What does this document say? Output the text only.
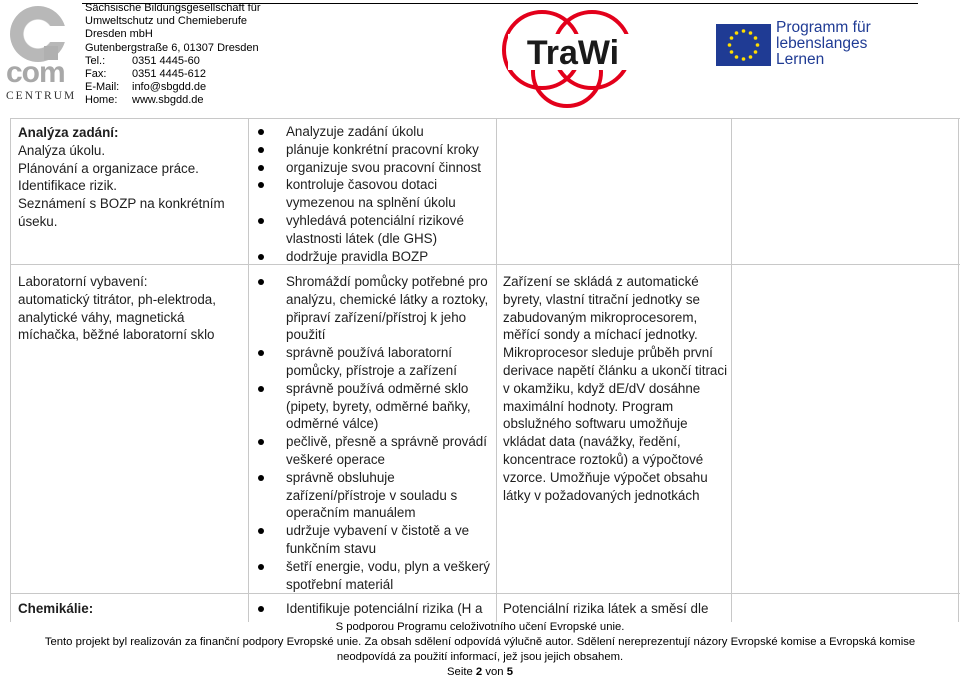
com
CENTRUM
Sächsische Bildungsgesellschaft für
Umweltschutz und Chemieberufe
Dresden mbH
Gutenbergstraße 6, 01307 Dresden
Tel.: 0351 4445-60
Fax: 0351 4445-612
E-Mail: info@sbgdd.de
Home: www.sbgdd.de
TraWi
Programm für
lebenslanges
Lernen
Analýza zadání:
Analýza úkolu.
Plánování a organizace práce.
Identifikace rizik.
Seznámení s BOZP na konkrétním
úseku.
Analyzuje zadání úkolu
plánuje konkrétní pracovní kroky
organizuje svou pracovní činnost
kontroluje časovou dotaci vymezenou na splnění úkolu
vyhledává potenciální rizikové vlastnosti látek (dle GHS)
dodržuje pravidla BOZP
Laboratorní vybavení:
automatický titrátor, ph-elektroda,
analytické váhy, magnetická
míchačka, běžné laboratorní sklo
Shromáždí pomůcky potřebné pro analýzu, chemické látky a roztoky, připraví zařízení/přístroj k jeho použití
správně používá laboratorní pomůcky, přístroje a zařízení
správně používá odměrné sklo (pipety, byrety, odměrné baňky, odměrné válce)
pečlivě, přesně a správně provádí veškeré operace
správně obsluhuje zařízení/přístroje v souladu s operačním manuálem
udržuje vybavení v čistotě a ve funkčním stavu
šetří energie, vodu, plyn a veškerý spotřební materiál
Zařízení se skládá z automatické byrety, vlastní titrační jednotky se zabudovaným mikroprocesorem, měřící sondy a míchací jednotky. Mikroprocesor sleduje průběh první derivace napětí článku a ukončí titraci v okamžiku, když dE/dV dosáhne maximální hodnoty. Program obslužného softwaru umožňuje vkládat data (navážky, ředění, koncentrace roztoků) a výpočtové vzorce. Umožňuje výpočet obsahu látky v požadovaných jednotkách
Chemikálie:	Identifikuje potenciální rizika (H a	Potenciální rizika látek a směsí dle
S podporou Programu celoživotního učení Evropské unie.
Tento projekt byl realizován za finanční podpory Evropské unie. Za obsah sdělení odpovídá výlučně autor. Sdělení nereprezentují názory Evropské komise a Evropská komise
neodpovídá za použití informací, jež jsou jejich obsahem.
Seite 2 von 5
